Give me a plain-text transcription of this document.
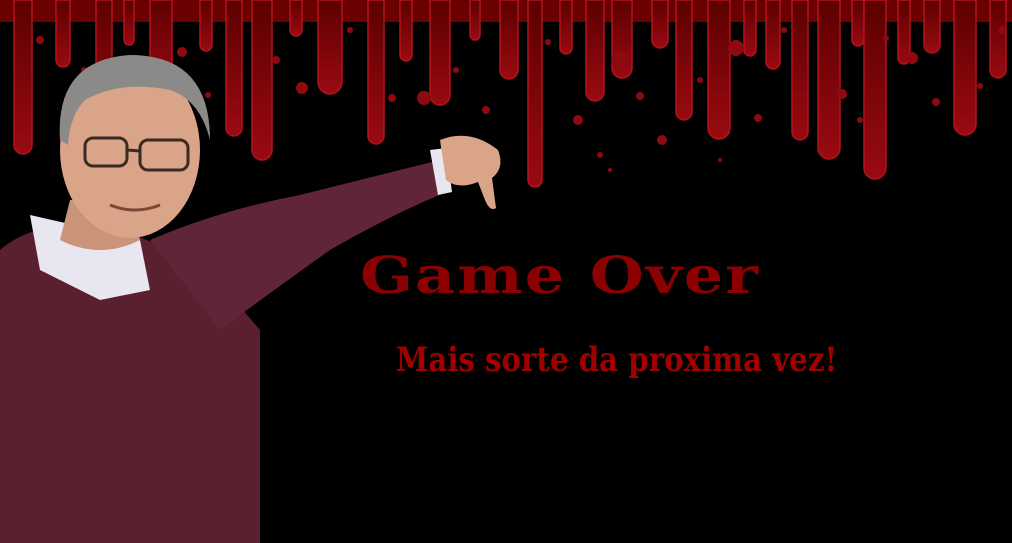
Game Over
Mais sorte da proxima vez!
